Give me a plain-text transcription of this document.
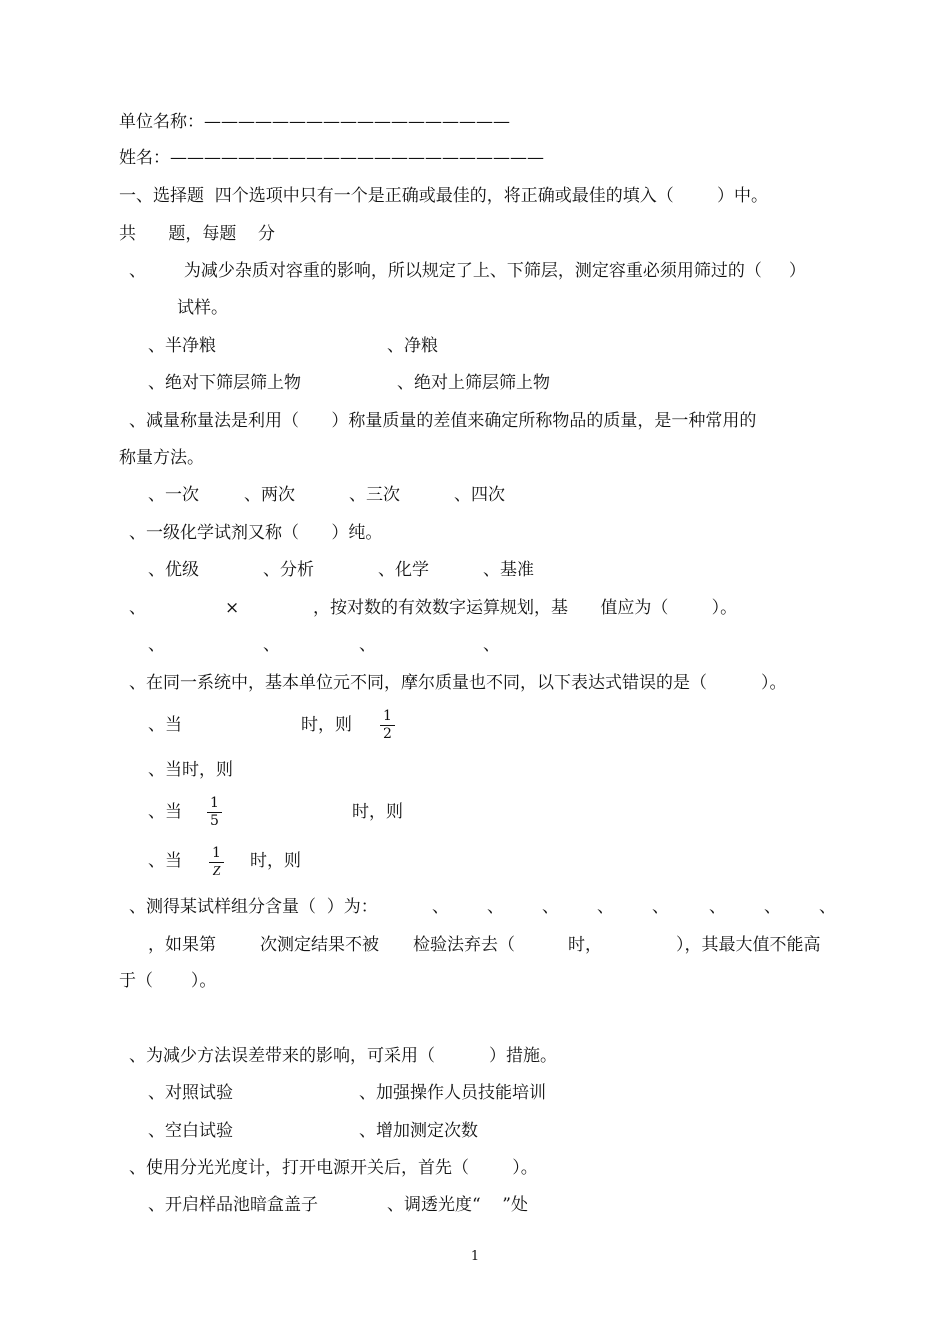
单位名称：——————————————————
姓名：——————————————————————
一、选择题  四个选项中只有一个是正确或最佳的，将正确或最佳的填入（        ）中。
共      题，每题    分
、       为减少杂质对容重的影响，所以规定了上、下筛层，测定容重必须用筛过的（     ）
试样。
、半净粮	、净粮
、绝对下筛层筛上物	、绝对上筛层筛上物
、减量称量法是利用（      ）称量质量的差值来确定所称物品的质量，是一种常用的
称量方法。
、一次	、两次	、三次	、四次
、一级化学试剂又称（      ）纯。
、优级	、分析	、化学	、基准
、	×	，按对数的有效数字运算规划，基      值应为（        ）。
、	、	、	、
、在同一系统中，基本单位元不同，摩尔质量也不同，以下表达式错误的是（          ）。
、当	时，则 $\frac{1}{2}$
、当时，则
、当 $\frac{1}{5}$	时，则
、当 $\frac{1}{Z}$ 时，则
、测得某试样组分含量（  ）为：	、 、 、 、 、 、 、 、
，如果第	次测定结果不被 检验法弃去（	时，	），其最大值不能高
于（       ）。
、为减少方法误差带来的影响，可采用（          ）措施。
、对照试验	、加强操作人员技能培训
、空白试验	、增加测定次数
、使用分光光度计，打开电源开关后，首先（        ）。
、开启样品池暗盒盖子	、调透光度“    ”处
1
